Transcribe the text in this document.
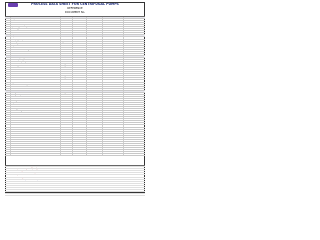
PROCESS DATA SHEET FOR CENTRIFUGAL PUMPS
REFERENCE
DOCUMENT No.
1	GENERAL
2	Project
3	Service	PUMP
4	Item No.
5	Number of Pumps
6	Operating / Standby
7	Driver Type
8	Location
9
10	LIQUID PROPERTIES
11	Liquid Handled
12	Pumping Temperature	°C
13	Density at P.T.	kg/m3
14	Viscosity at P.T.	cP
15	Vapour Pressure at P.T.	bar a
16
17	Corrosive / Erosive Agents
18	Solids Content
19
20	OPERATING CONDITIONS
21	Normal Capacity	m3/h
22	Rated Capacity	m3/h
23	Minimum Capacity	m3/h
24	Suction Pressure	bar g
25	Discharge Pressure	bar g
26	Differential Pressure	bar
27	Differential Head	m
28	NPSH Available	m
29
30	Max. Suction Pressure	bar g
31	Shut-off Pressure	bar g
32
33	Hydraulic Power	kW
34	Estimated Efficiency	%
35	Estimated Absorbed Power	kW
36
37	DESIGN DATA
38	Design Pressure	bar g
39	Design Temperature	°C
40
41	Material of Construction
42	Casing
43	Impeller
44	Shaft
45
46	Seal Type
47	Seal Flushing Plan
48
49
50
51
52
53
54
55
56
57
58
59
60
61
62
63
64
65
66
67
68
NOTES
1. Data to be confirmed by pump vendor.
2. Pump to be designed as per applicable standard.
3. NPSH margin to be confirmed.
4. Materials to be confirmed by vendor.
5. Seal plan to be confirmed.
6. Motor rating to be confirmed.
7. Minimum flow protection to be provided.
8.
9.
10.
11.
12.
13.
14.
